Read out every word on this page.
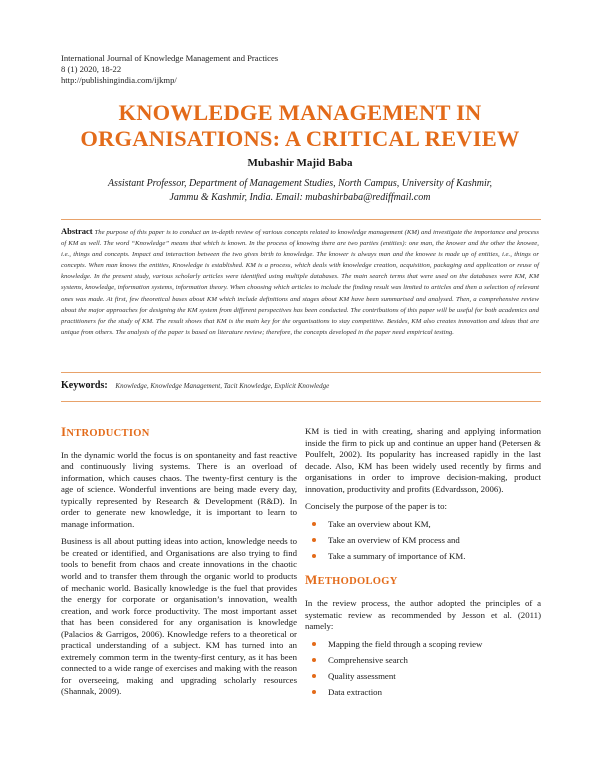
International Journal of Knowledge Management and Practices
8 (1) 2020, 18-22
http://publishingindia.com/ijkmp/
KNOWLEDGE MANAGEMENT IN
ORGANISATIONS: A CRITICAL REVIEW
Mubashir Majid Baba
Assistant Professor, Department of Management Studies, North Campus, University of Kashmir,
Jammu & Kashmir, India. Email: mubashirbaba@rediffmail.com
Abstract The purpose of this paper is to conduct an in-depth review of various concepts related to knowledge management (KM) and investigate the importance and process of KM as well. The word “Knowledge” means that which is known. In the process of knowing there are two parties (entities): one man, the knower and the other the knowee, i.e., things and concepts. Impact and interaction between the two gives birth to knowledge. The knower is always man and the knowee is made up of entities, i.e., things or concepts. When man knows the entities, Knowledge is established. KM is a process, which deals with knowledge creation, acquisition, packaging and application or reuse of knowledge. In the present study, various scholarly articles were identified using multiple databases. The main search terms that were used on the databases were KM, KM systems, knowledge, information systems, information theory. When choosing which articles to include the finding result was limited to articles and then a selection of relevant ones was made. At first, few theoretical bases about KM which include definitions and stages about KM have been summarised and analysed. Then, a comprehensive review about the major approaches for designing the KM system from different perspectives has been conducted. The contributions of this paper will be useful for both academics and practitioners for the study of KM. The result shows that KM is the main key for the organisations to stay competitive. Besides, KM also creates innovation and ideas that are unique from others. The analysis of the paper is based on literature review; therefore, the concepts developed in the paper need empirical testing.
Keywords: Knowledge, Knowledge Management, Tacit Knowledge, Explicit Knowledge
INTRODUCTION

In the dynamic world the focus is on spontaneity and fast reactive and continuously living systems. There is an overload of information, which causes chaos. The twenty-first century is the age of science. Wonderful inventions are being made every day, typically represented by Research & Development (R&D). In order to generate new knowledge, it is important to learn to manage information.

Business is all about putting ideas into action, knowledge needs to be created or identified, and Organisations are also trying to find tools to benefit from chaos and create innovations in the chaotic world and to transfer them through the organic world to products of mechanic world. Basically knowledge is the fuel that provides the energy for corporate or organisation’s innovation, wealth creation, and work force productivity. The most important asset that has been considered for any organisation is knowledge (Palacios & Garrigos, 2006). Knowledge refers to a theoretical or practical understanding of a subject. KM has turned into an extremely common term in the twenty-first century, as it has been connected to a wide range of exercises and making with the reason for overseeing, making and upgrading scholarly resources (Shannak, 2009).

KM is tied in with creating, sharing and applying information inside the firm to pick up and continue an upper hand (Petersen & Poulfelt, 2002). Its popularity has increased rapidly in the last decade. Also, KM has been widely used recently by firms and organisations in order to improve decision-making, product innovation, productivity and profits (Edvardsson, 2006).

Concisely the purpose of the paper is to:

Take an overview about KM,
Take an overview of KM process and
Take a summary of importance of KM.
METHODOLOGY

In the review process, the author adopted the principles of a systematic review as recommended by Jesson et al. (2011) namely:

Mapping the field through a scoping review
Comprehensive search
Quality assessment
Data extraction
